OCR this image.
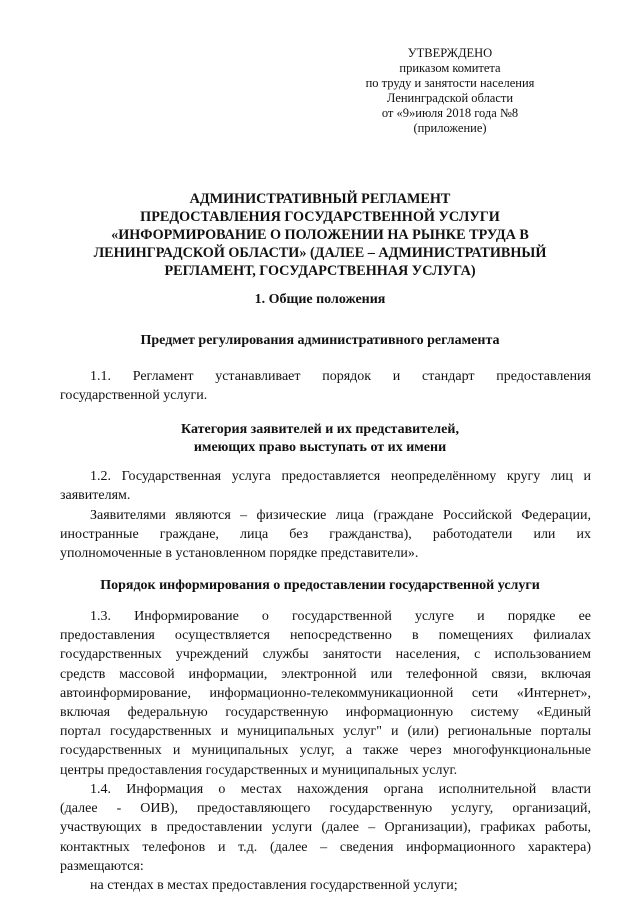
УТВЕРЖДЕНО
приказом комитета
по труду и занятости населения
Ленинградской области
от «9»июля 2018 года №8
(приложение)
АДМИНИСТРАТИВНЫЙ РЕГЛАМЕНТ
ПРЕДОСТАВЛЕНИЯ ГОСУДАРСТВЕННОЙ УСЛУГИ
«ИНФОРМИРОВАНИЕ О ПОЛОЖЕНИИ НА РЫНКЕ ТРУДА В
ЛЕНИНГРАДСКОЙ ОБЛАСТИ» (ДАЛЕЕ – АДМИНИСТРАТИВНЫЙ
РЕГЛАМЕНТ, ГОСУДАРСТВЕННАЯ УСЛУГА)
1. Общие положения
Предмет регулирования административного регламента
1.1. Регламент устанавливает порядок и стандарт предоставления
государственной услуги.
Категория заявителей и их представителей,
имеющих право выступать от их имени
1.2. Государственная услуга предоставляется неопределённому кругу лиц и
заявителям.
Заявителями являются – физические лица (граждане Российской Федерации,
иностранные граждане, лица без гражданства), работодатели или их
уполномоченные в установленном порядке представители».
Порядок информирования о предоставлении государственной услуги
1.3. Информирование о государственной услуге и порядке ее
предоставления осуществляется непосредственно в помещениях филиалах
государственных учреждений службы занятости населения, с использованием
средств массовой информации, электронной или телефонной связи, включая
автоинформирование, информационно-телекоммуникационной сети «Интернет»,
включая федеральную государственную информационную систему «Единый
портал государственных и муниципальных услуг" и (или) региональные порталы
государственных и муниципальных услуг, а также через многофункциональные
центры предоставления государственных и муниципальных услуг.
1.4. Информация о местах нахождения органа исполнительной власти
(далее - ОИВ), предоставляющего государственную услугу, организаций,
участвующих в предоставлении услуги (далее – Организации), графиках работы,
контактных телефонов и т.д. (далее – сведения информационного характера)
размещаются:
на стендах в местах предоставления государственной услуги;
